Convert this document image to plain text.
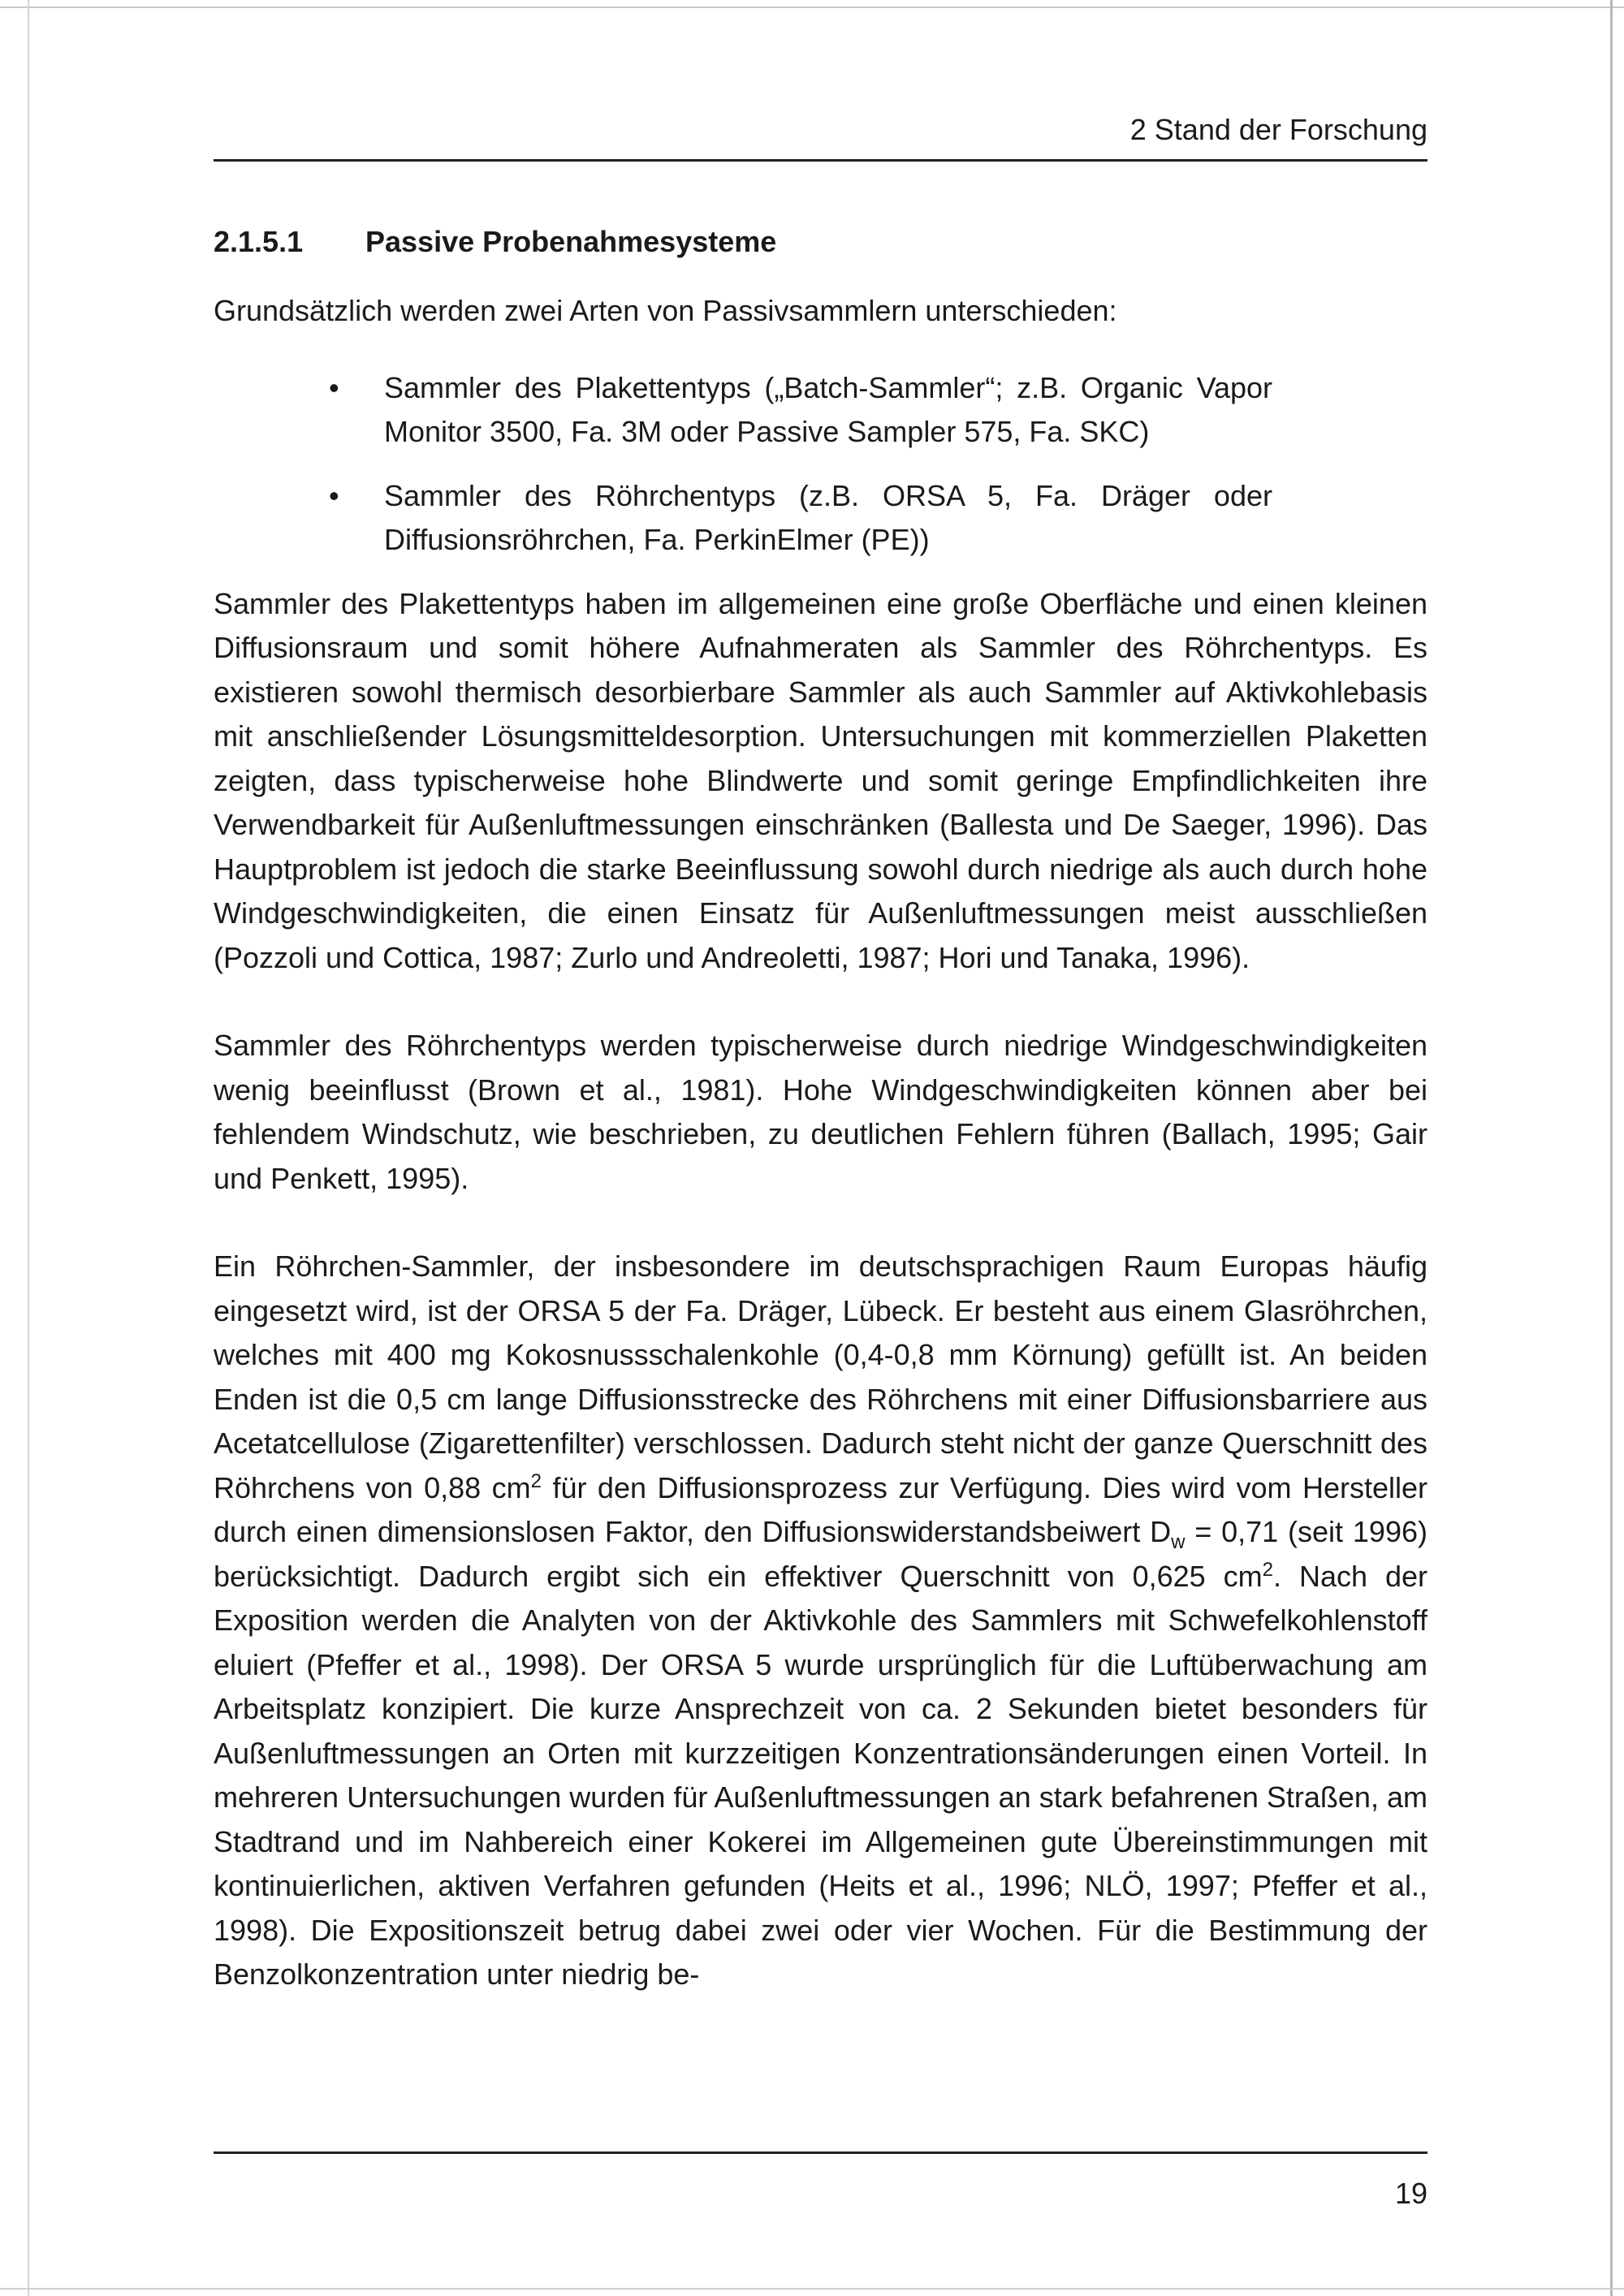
2 Stand der Forschung
2.1.5.1 Passive Probenahmesysteme

Grundsätzlich werden zwei Arten von Passivsammlern unterschieden:

• Sammler des Plakettentyps („Batch-Sammler“; z.B. Organic Vapor Monitor 3500, Fa. 3M oder Passive Sampler 575, Fa. SKC)
• Sammler des Röhrchentyps (z.B. ORSA 5, Fa. Dräger oder Diffusionsröhrchen, Fa. PerkinElmer (PE))

Sammler des Plakettentyps haben im allgemeinen eine große Oberfläche und einen kleinen Diffusionsraum und somit höhere Aufnahmeraten als Sammler des Röhrchentyps. Es existieren sowohl thermisch desorbierbare Sammler als auch Sammler auf Aktivkohlebasis mit anschließender Lösungsmitteldesorption. Untersuchungen mit kommerziellen Plaketten zeigten, dass typischerweise hohe Blindwerte und somit geringe Empfindlichkeiten ihre Verwendbarkeit für Außenluftmessungen einschränken (Ballesta und De Saeger, 1996). Das Hauptproblem ist jedoch die starke Beeinflussung sowohl durch niedrige als auch durch hohe Windgeschwindigkeiten, die einen Einsatz für Außenluftmessungen meist ausschließen (Pozzoli und Cottica, 1987; Zurlo und Andreoletti, 1987; Hori und Tanaka, 1996).

Sammler des Röhrchentyps werden typischerweise durch niedrige Windgeschwindigkeiten wenig beeinflusst (Brown et al., 1981). Hohe Windgeschwindigkeiten können aber bei fehlendem Windschutz, wie beschrieben, zu deutlichen Fehlern führen (Ballach, 1995; Gair und Penkett, 1995).

Ein Röhrchen-Sammler, der insbesondere im deutschsprachigen Raum Europas häufig eingesetzt wird, ist der ORSA 5 der Fa. Dräger, Lübeck. Er besteht aus einem Glasröhrchen, welches mit 400 mg Kokosnussschalenkohle (0,4-0,8 mm Körnung) gefüllt ist. An beiden Enden ist die 0,5 cm lange Diffusionsstrecke des Röhrchens mit einer Diffusionsbarriere aus Acetatcellulose (Zigarettenfilter) verschlossen. Dadurch steht nicht der ganze Querschnitt des Röhrchens von 0,88 $cm^2$ für den Diffusionsprozess zur Verfügung. Dies wird vom Hersteller durch einen dimensionslosen Faktor, den Diffusionswiderstandsbeiwert $D_w = 0,71$ (seit 1996) berücksichtigt. Dadurch ergibt sich ein effektiver Querschnitt von 0,625 $cm^2$. Nach der Exposition werden die Analyten von der Aktivkohle des Sammlers mit Schwefelkohlenstoff eluiert (Pfeffer et al., 1998). Der ORSA 5 wurde ursprünglich für die Luftüberwachung am Arbeitsplatz konzipiert. Die kurze Ansprechzeit von ca. 2 Sekunden bietet besonders für Außenluftmessungen an Orten mit kurzzeitigen Konzentrationsänderungen einen Vorteil. In mehreren Untersuchungen wurden für Außenluftmessungen an stark befahrenen Straßen, am Stadtrand und im Nahbereich einer Kokerei im Allgemeinen gute Übereinstimmungen mit kontinuierlichen, aktiven Verfahren gefunden (Heits et al., 1996; NLÖ, 1997; Pfeffer et al., 1998). Die Expositionszeit betrug dabei zwei oder vier Wochen. Für die Bestimmung der Benzolkonzentration unter niedrig be-

19
